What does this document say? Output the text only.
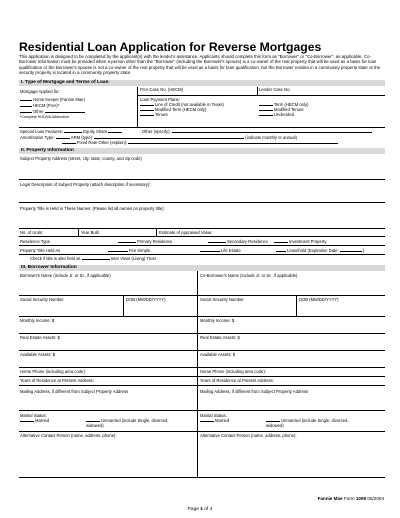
Residential Loan Application for Reverse Mortgages
This application is designed to be completed by the applicant(s) with the lender's assistance. Applicants should complete this form as "Borrower" or "Co-Borrower", as applicable. Co-Borrower information must be provided when a person other than the "Borrower" (including the Borrower's spouse) is a co-owner of the real property that will be used as a basis for loan qualification or the Borrower's spouse is not a co-owner of the real property that will be used as a basis for loan qualification, but the Borrower resides in a community property state or the security property is located in a community property state.
I. Type of Mortgage and Terms of Loan
Mortgage Applied for:
Home Keeper (Fannie Mae)
HECM (FHA)*
Other
*Complete HUD/VA Addendum
FHA Case No. (HECM)	Lender Case No.
Loan Payment Plans:
Line of Credit (not available in Texas)
Modified Term (HECM only)
Tenure
Term (HECM only)
Modified Tenure
Undecided
Special Loan Features:	Equity Share	Other (specify):
Amortization Type:	ARM (type):	(indicate monthly or annual)
Fixed Rate Other (explain):
II. Property Information
Subject Property Address (street, city, state, county, and zip code)
Legal Description of Subject Property (attach description if necessary):
Property Title is Held in These Names: (Please list all names on property title):
No. of Units:	Year Built	Estimate of Appraised Value:
Residence Type	Primary Residence	Secondary Residence	Investment Property
Property Title Held As	Fee Simple	Life Estate	Leasehold (Expiration Date:	)
Check if title is also held as	Inter Vivos (Living) Trust
III. Borrower Information
Borrower's Name (include Jr. or Sr., if applicable)	Co-Borrower's Name (include Jr. or Sr., if applicable)
Social Security Number	DOB (MM/DD/YYYY)	Social Security Number	DOB (MM/DD/YYYY)
Monthly Income: $	Monthly Income: $
Real Estate Assets: $	Real Estate Assets: $
Available Assets: $	Available Assets: $
Home Phone (including area code):	Home Phone (including area code):
Years of Residence at Present Address:	Years of Residence at Present Address:
Mailing Address, if different from Subject Property Address	Mailing Address, if different from Subject Property Address
Marital Status:
Married	Unmarried (include Single, divorced, widowed)
Marital Status:
Married	Unmarried (include Single, divorced, widowed)
Alternative Contact Person (name, address, phone):	Alternative Contact Person (name, address, phone):
Fannie Mae Form 1009 05/2004
Page 1 of 4
